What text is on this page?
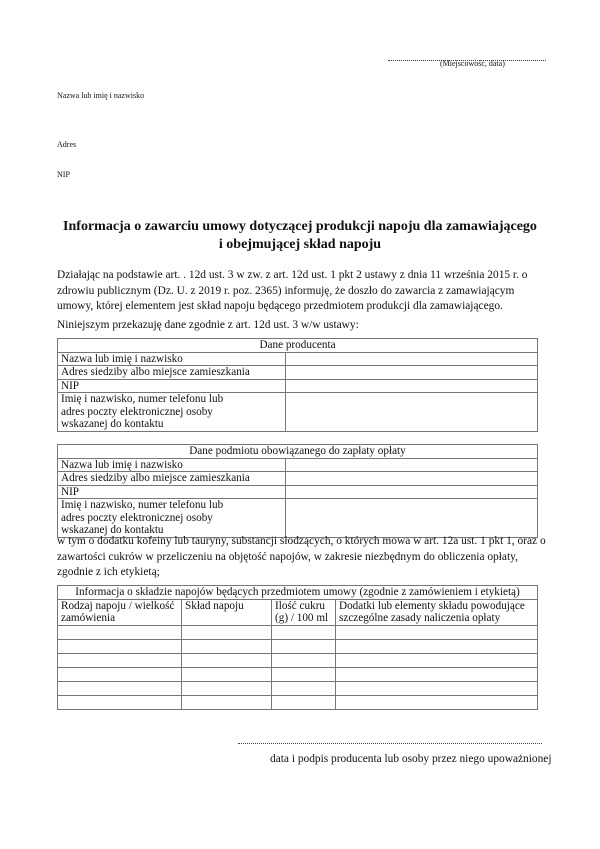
(Miejscowość, data)
Nazwa lub imię i nazwisko
Adres
NIP
Informacja o zawarciu umowy dotyczącej produkcji napoju dla zamawiającego
i obejmującej skład napoju
Działając na podstawie art. . 12d ust. 3 w zw. z art. 12d ust. 1 pkt 2 ustawy z dnia 11 września 2015 r. o zdrowiu publicznym (Dz. U. z 2019 r. poz. 2365) informuję, że doszło do zawarcia z zamawiającym umowy, której elementem jest skład napoju będącego przedmiotem produkcji dla zamawiającego.
Niniejszym przekazuję dane zgodnie z art. 12d ust. 3 w/w ustawy:
Dane producenta	
Nazwa lub imię i nazwisko	
Adres siedziby albo miejsce zamieszkania	
NIP	
Imię i nazwisko, numer telefonu lub adres poczty elektronicznej osoby wskazanej do kontaktu	
Dane podmiotu obowiązanego do zapłaty opłaty	
Nazwa lub imię i nazwisko	
Adres siedziby albo miejsce zamieszkania	
NIP	
Imię i nazwisko, numer telefonu lub adres poczty elektronicznej osoby wskazanej do kontaktu	
w tym o dodatku kofeiny lub tauryny, substancji słodzących, o których mowa w art. 12a ust. 1 pkt 1, oraz o zawartości cukrów w przeliczeniu na objętość napojów, w zakresie niezbędnym do obliczenia opłaty, zgodnie z ich etykietą;
Informacja o składzie napojów będących przedmiotem umowy (zgodnie z zamówieniem i etykietą)			
Rodzaj napoju / wielkość zamówienia	Skład napoju	Ilość cukru (g) / 100 ml	Dodatki lub elementy składu powodujące szczególne zasady naliczenia opłaty

data i podpis producenta lub osoby przez niego upoważnionej
